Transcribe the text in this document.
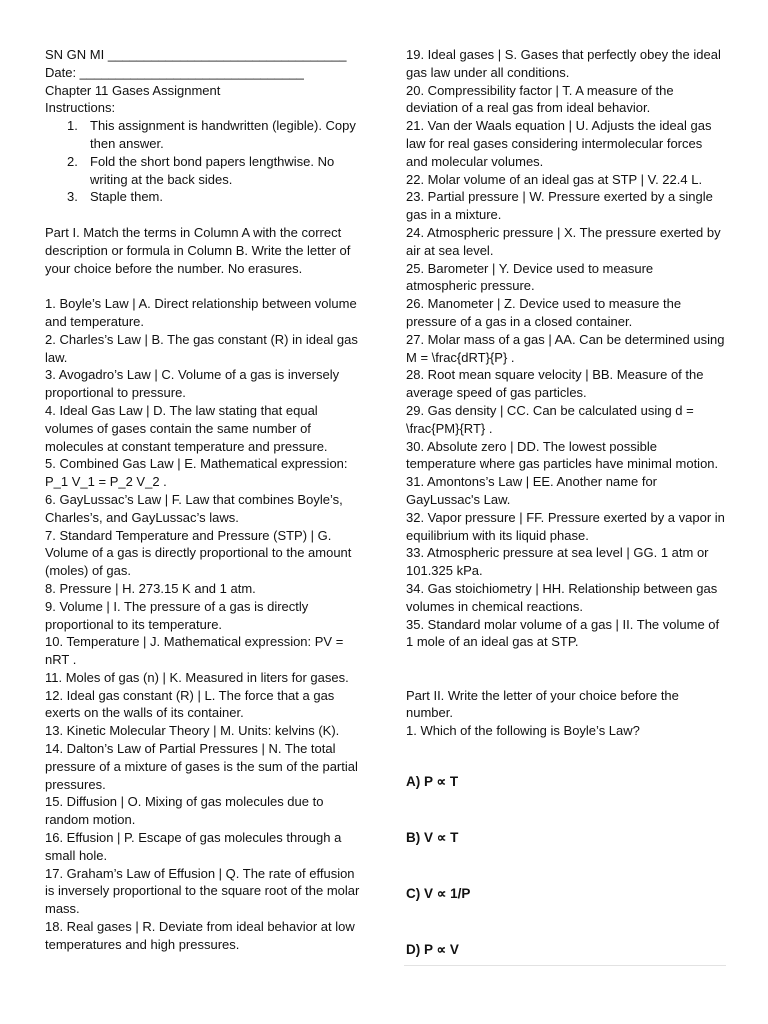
SN GN MI _________________________________

Date: _______________________________

Chapter 11 Gases Assignment

Instructions:

1. This assignment is handwritten (legible). Copy then answer.
2. Fold the short bond papers lengthwise. No writing at the back sides.
3. Staple them.

Part I. Match the terms in Column A with the correct description or formula in Column B. Write the letter of your choice before the number. No erasures.

1. Boyle’s Law | A. Direct relationship between volume and temperature.

2. Charles’s Law | B. The gas constant (R) in ideal gas law.

3. Avogadro’s Law | C. Volume of a gas is inversely proportional to pressure.

4. Ideal Gas Law | D. The law stating that equal volumes of gases contain the same number of molecules at constant temperature and pressure.

5. Combined Gas Law | E. Mathematical expression: P_1 V_1 = P_2 V_2 .

6. GayLussac’s Law | F. Law that combines Boyle’s, Charles’s, and GayLussac’s laws.

7. Standard Temperature and Pressure (STP) | G. Volume of a gas is directly proportional to the amount (moles) of gas.

8. Pressure | H. 273.15 K and 1 atm.

9. Volume | I. The pressure of a gas is directly proportional to its temperature.

10. Temperature | J. Mathematical expression: PV = nRT .

11. Moles of gas (n) | K. Measured in liters for gases.

12. Ideal gas constant (R) | L. The force that a gas exerts on the walls of its container.

13. Kinetic Molecular Theory | M. Units: kelvins (K).

14. Dalton’s Law of Partial Pressures | N. The total pressure of a mixture of gases is the sum of the partial pressures.

15. Diffusion | O. Mixing of gas molecules due to random motion.

16. Effusion | P. Escape of gas molecules through a small hole.

17. Graham’s Law of Effusion | Q. The rate of effusion is inversely proportional to the square root of the molar mass.

18. Real gases | R. Deviate from ideal behavior at low temperatures and high pressures.

19. Ideal gases | S. Gases that perfectly obey the ideal gas law under all conditions.

20. Compressibility factor | T. A measure of the deviation of a real gas from ideal behavior.

21. Van der Waals equation | U. Adjusts the ideal gas law for real gases considering intermolecular forces and molecular volumes.

22. Molar volume of an ideal gas at STP | V. 22.4 L.

23. Partial pressure | W. Pressure exerted by a single gas in a mixture.

24. Atmospheric pressure | X. The pressure exerted by air at sea level.

25. Barometer | Y. Device used to measure atmospheric pressure.

26. Manometer | Z. Device used to measure the pressure of a gas in a closed container.

27. Molar mass of a gas | AA. Can be determined using M = \frac{dRT}{P} .

28. Root mean square velocity | BB. Measure of the average speed of gas particles.

29. Gas density | CC. Can be calculated using d = \frac{PM}{RT} .

30. Absolute zero | DD. The lowest possible temperature where gas particles have minimal motion.

31. Amontons’s Law | EE. Another name for GayLussac's Law.

32. Vapor pressure | FF. Pressure exerted by a vapor in equilibrium with its liquid phase.

33. Atmospheric pressure at sea level | GG. 1 atm or 101.325 kPa.

34. Gas stoichiometry | HH. Relationship between gas volumes in chemical reactions.

35. Standard molar volume of a gas | II. The volume of 1 mole of an ideal gas at STP.

Part II. Write the letter of your choice before the number.

1. Which of the following is Boyle’s Law?

A) P ∝ T

B) V ∝ T

C) V ∝ 1/P

D) P ∝ V
